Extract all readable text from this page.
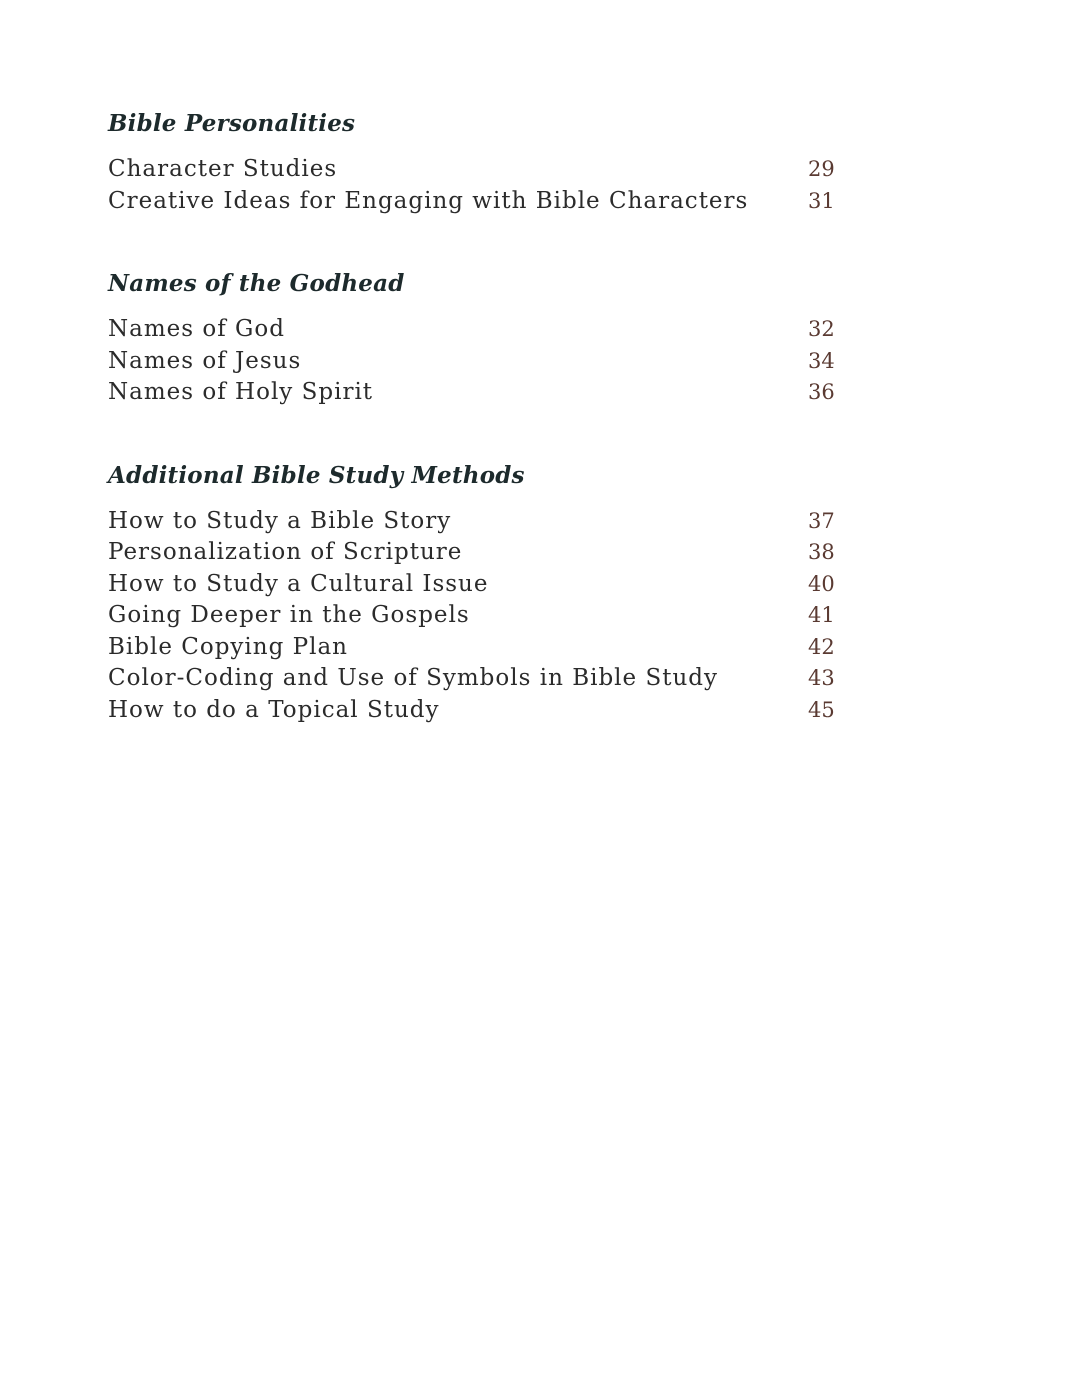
Bible Personalities
Character Studies	29
Creative Ideas for Engaging with Bible Characters	31
Names of the Godhead
Names of God	32
Names of Jesus	34
Names of Holy Spirit	36
Additional Bible Study Methods
How to Study a Bible Story	37
Personalization of Scripture	38
How to Study a Cultural Issue	40
Going Deeper in the Gospels	41
Bible Copying Plan	42
Color-Coding and Use of Symbols in Bible Study	43
How to do a Topical Study	45
